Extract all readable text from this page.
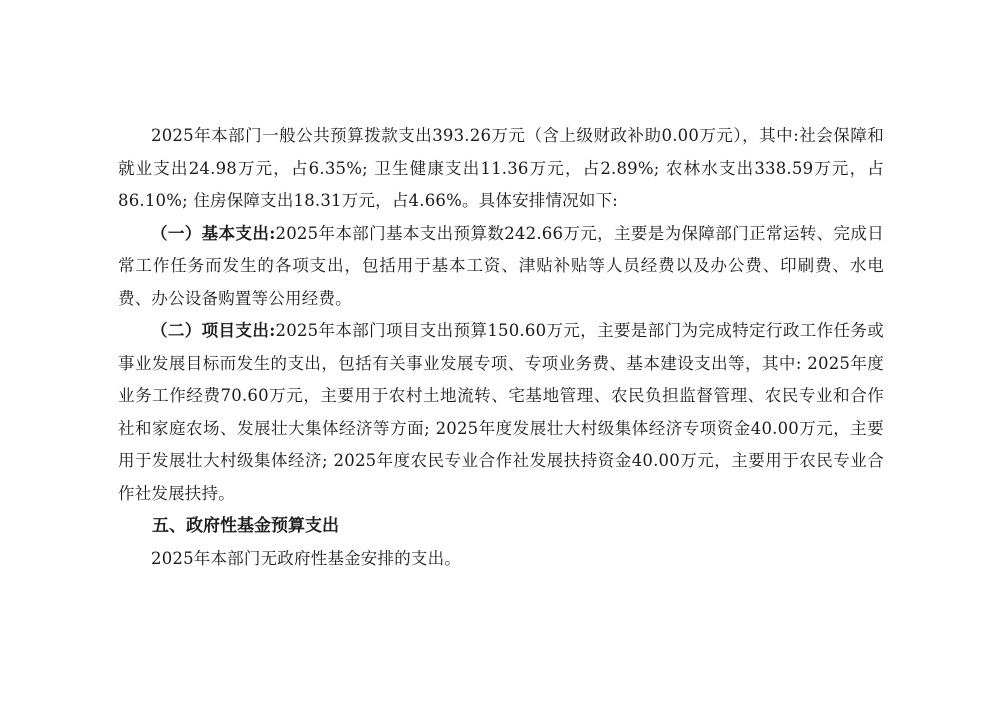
2025年本部门一般公共预算拨款支出393.26万元（含上级财政补助0.00万元），其中:社会保障和就业支出24.98万元，占6.35%; 卫生健康支出11.36万元，占2.89%; 农林水支出338.59万元，占86.10%; 住房保障支出18.31万元，占4.66%。具体安排情况如下:

（一）基本支出:2025年本部门基本支出预算数242.66万元，主要是为保障部门正常运转、完成日常工作任务而发生的各项支出，包括用于基本工资、津贴补贴等人员经费以及办公费、印刷费、水电费、办公设备购置等公用经费。

（二）项目支出:2025年本部门项目支出预算150.60万元，主要是部门为完成特定行政工作任务或事业发展目标而发生的支出，包括有关事业发展专项、专项业务费、基本建设支出等，其中: 2025年度业务工作经费70.60万元，主要用于农村土地流转、宅基地管理、农民负担监督管理、农民专业和合作社和家庭农场、发展壮大集体经济等方面; 2025年度发展壮大村级集体经济专项资金40.00万元，主要用于发展壮大村级集体经济; 2025年度农民专业合作社发展扶持资金40.00万元，主要用于农民专业合作社发展扶持。

五、政府性基金预算支出

2025年本部门无政府性基金安排的支出。
